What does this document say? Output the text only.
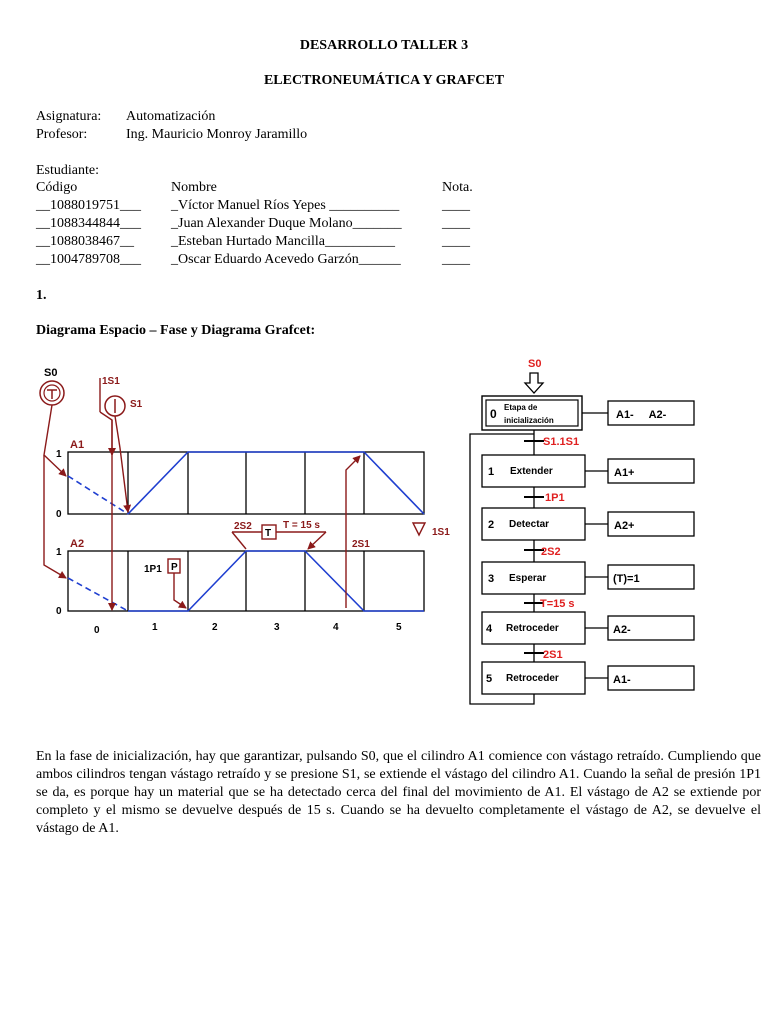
DESARROLLO TALLER 3
ELECTRONEUMÁTICA Y GRAFCET
Asignatura: Automatización
Profesor:	Ing. Mauricio Monroy Jaramillo
Estudiante:
Código	Nombre	Nota.
__1088019751___ _Víctor Manuel Ríos Yepes __________	____
__1088344844___ _Juan Alexander Duque Molano_______	____
__1088038467__	_Esteban Hurtado Mancilla__________	____
__1004789708___ _Oscar Eduardo Acevedo Garzón______	____
1.
Diagrama Espacio – Fase y Diagrama Grafcet:
A1
1
0
A2
1
0
0	1	2	3	4	5
S0
1S1
S1
1S1
1P1 P
2S2	T = 15 s
T
2S1
S0
0 Etapa de
inicialización	A1-     A2-
S1.1S1
1 Extender	A1+
1P1
2 Detectar	A2+
2S2
3 Esperar	(T)=1
T=15 s
4 Retroceder	A2-
2S1
5 Retroceder	A1-
En la fase de inicialización, hay que garantizar, pulsando S0, que el cilindro A1 comience con vástago retraído. Cumpliendo que ambos cilindros tengan vástago retraído y se presione S1, se extiende el vástago del cilindro A1. Cuando la señal de presión 1P1 se da, es porque hay un material que se ha detectado cerca del final del movimiento de A1. El vástago de A2 se extiende por completo y el mismo se devuelve después de 15 s. Cuando se ha devuelto completamente el vástago de A2, se devuelve el vástago de A1.
